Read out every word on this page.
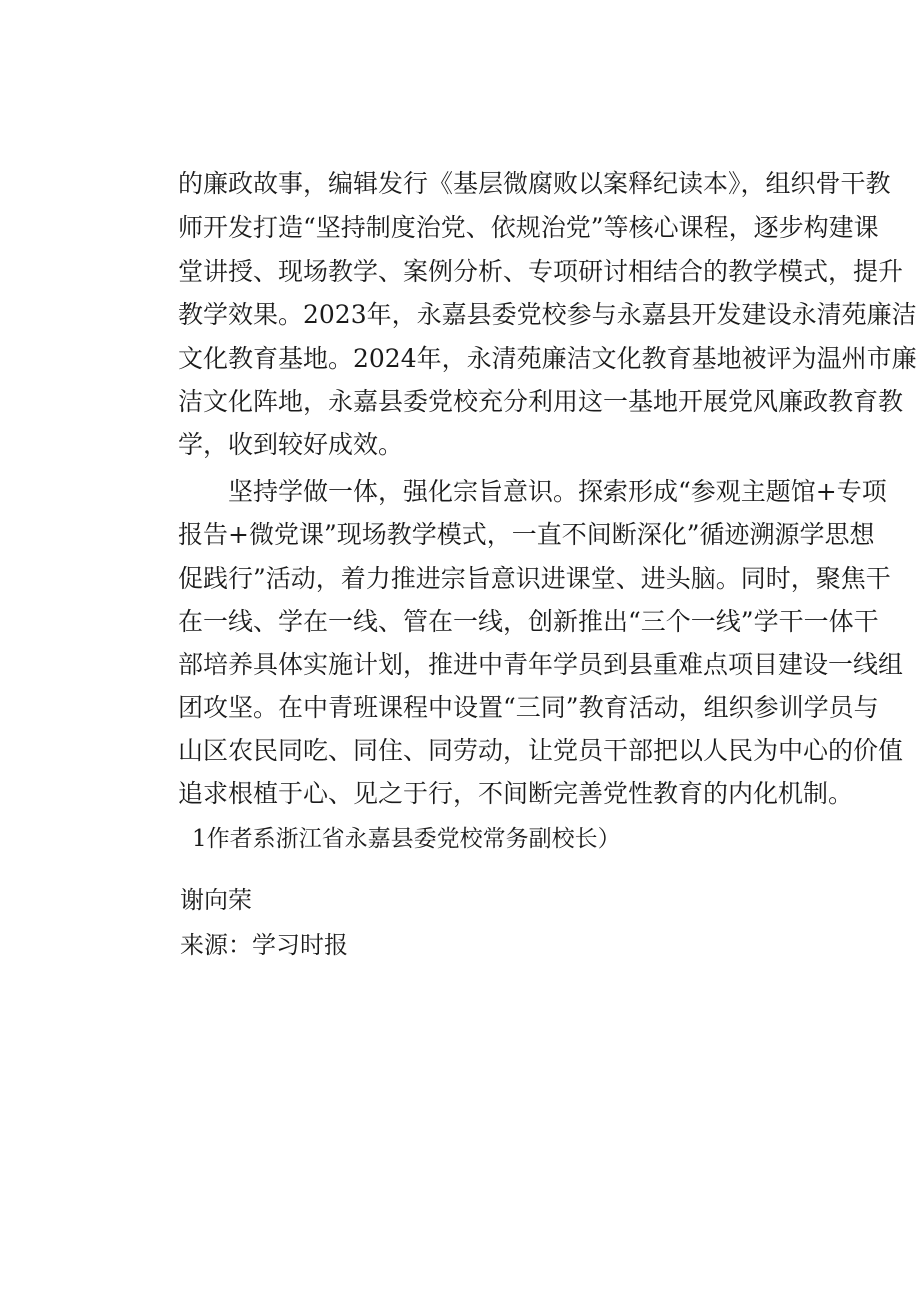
的廉政故事，编辑发行《基层微腐败以案释纪读本》，组织骨干教
师开发打造“坚持制度治党、依规治党”等核心课程，逐步构建课
堂讲授、现场教学、案例分析、专项研讨相结合的教学模式，提升
教学效果。2023年，永嘉县委党校参与永嘉县开发建设永清苑廉洁
文化教育基地。2024年，永清苑廉洁文化教育基地被评为温州市廉
洁文化阵地，永嘉县委党校充分利用这一基地开展党风廉政教育教
学，收到较好成效。
　　坚持学做一体，强化宗旨意识。探索形成“参观主题馆+专项
报告+微党课”现场教学模式，一直不间断深化”循迹溯源学思想
促践行”活动，着力推进宗旨意识进课堂、进头脑。同时，聚焦干
在一线、学在一线、管在一线，创新推出“三个一线”学干一体干
部培养具体实施计划，推进中青年学员到县重难点项目建设一线组
团攻坚。在中青班课程中设置“三同”教育活动，组织参训学员与
山区农民同吃、同住、同劳动，让党员干部把以人民为中心的价值
追求根植于心、见之于行，不间断完善党性教育的内化机制。
1作者系浙江省永嘉县委党校常务副校长）
谢向荣
来源：学习时报
